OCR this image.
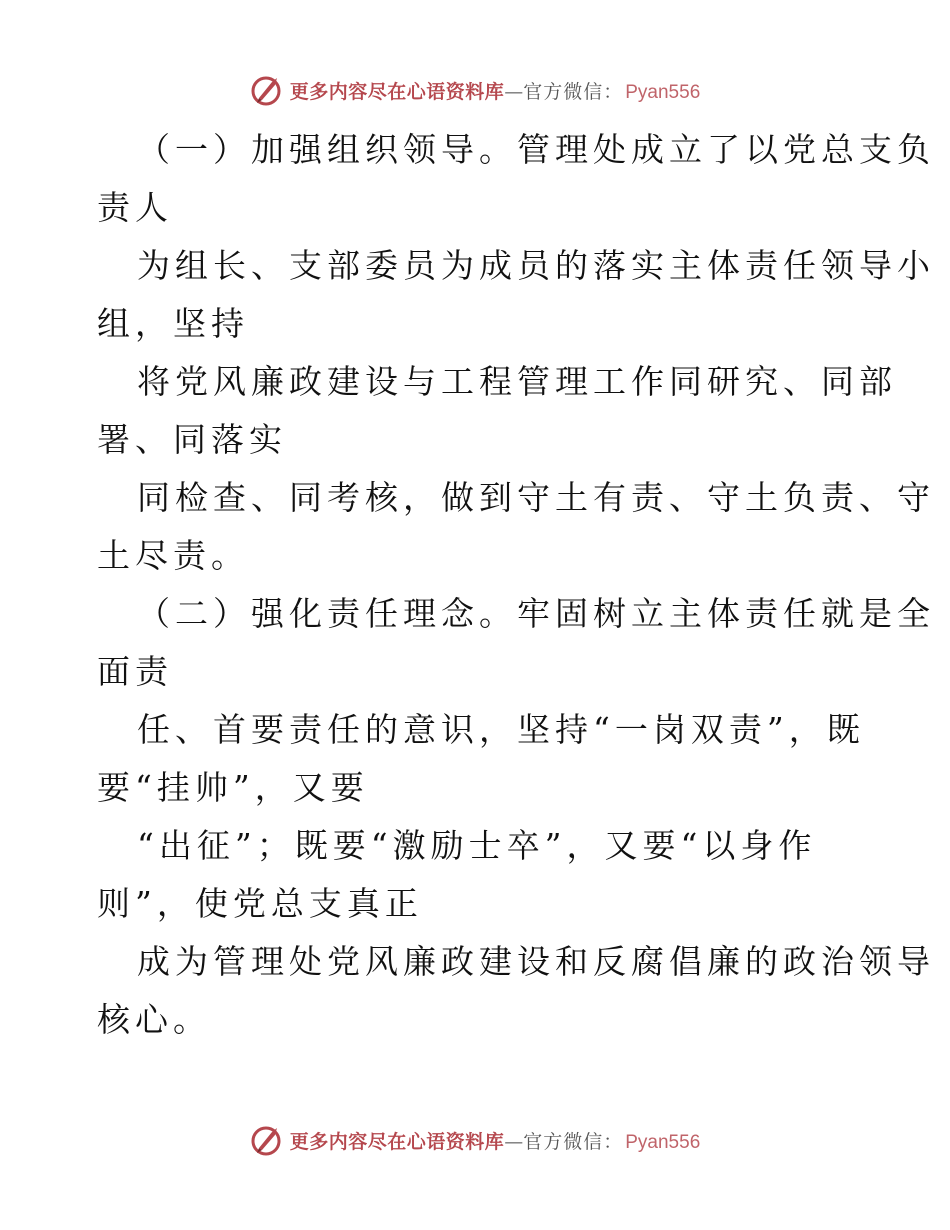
更多内容尽在心语资料库 — 官方微信： Pyan556
（一）加强组织领导。管理处成立了以党总支负
责人
为组长、支部委员为成员的落实主体责任领导小
组，坚持
将党风廉政建设与工程管理工作同研究、同部
署、同落实
同检查、同考核，做到守土有责、守土负责、守
土尽责。
（二）强化责任理念。牢固树立主体责任就是全
面责
任、首要责任的意识，坚持“一岗双责”，既
要“挂帅”，又要
“出征”；既要“激励士卒”，又要“以身作
则”，使党总支真正
成为管理处党风廉政建设和反腐倡廉的政治领导
核心。
更多内容尽在心语资料库 — 官方微信： Pyan556
